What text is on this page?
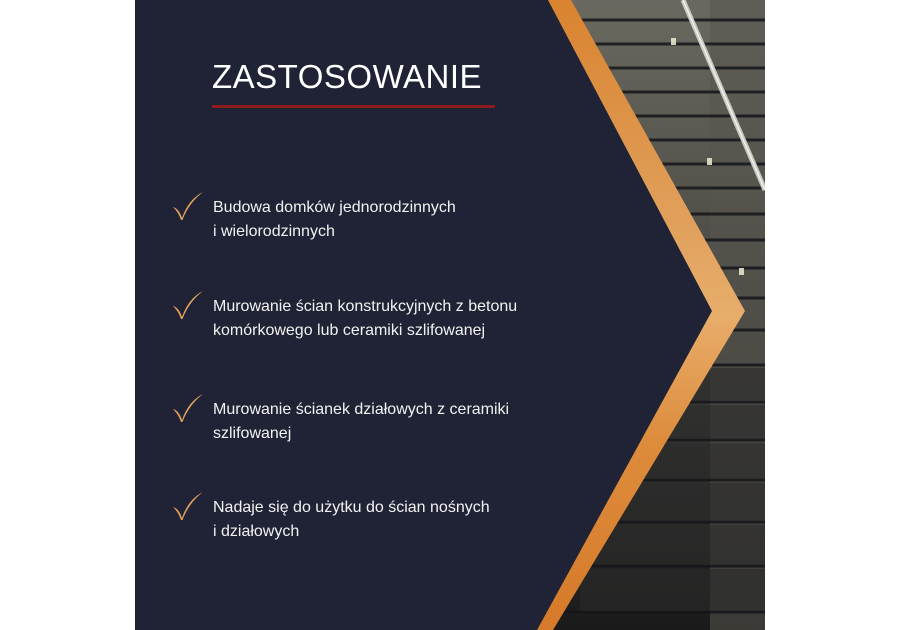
ZASTOSOWANIE
Budowa domków jednorodzinnych
i wielorodzinnych
Murowanie ścian konstrukcyjnych z betonu
komórkowego lub ceramiki szlifowanej
Murowanie ścianek działowych z ceramiki
szlifowanej
Nadaje się do użytku do ścian nośnych
i działowych
